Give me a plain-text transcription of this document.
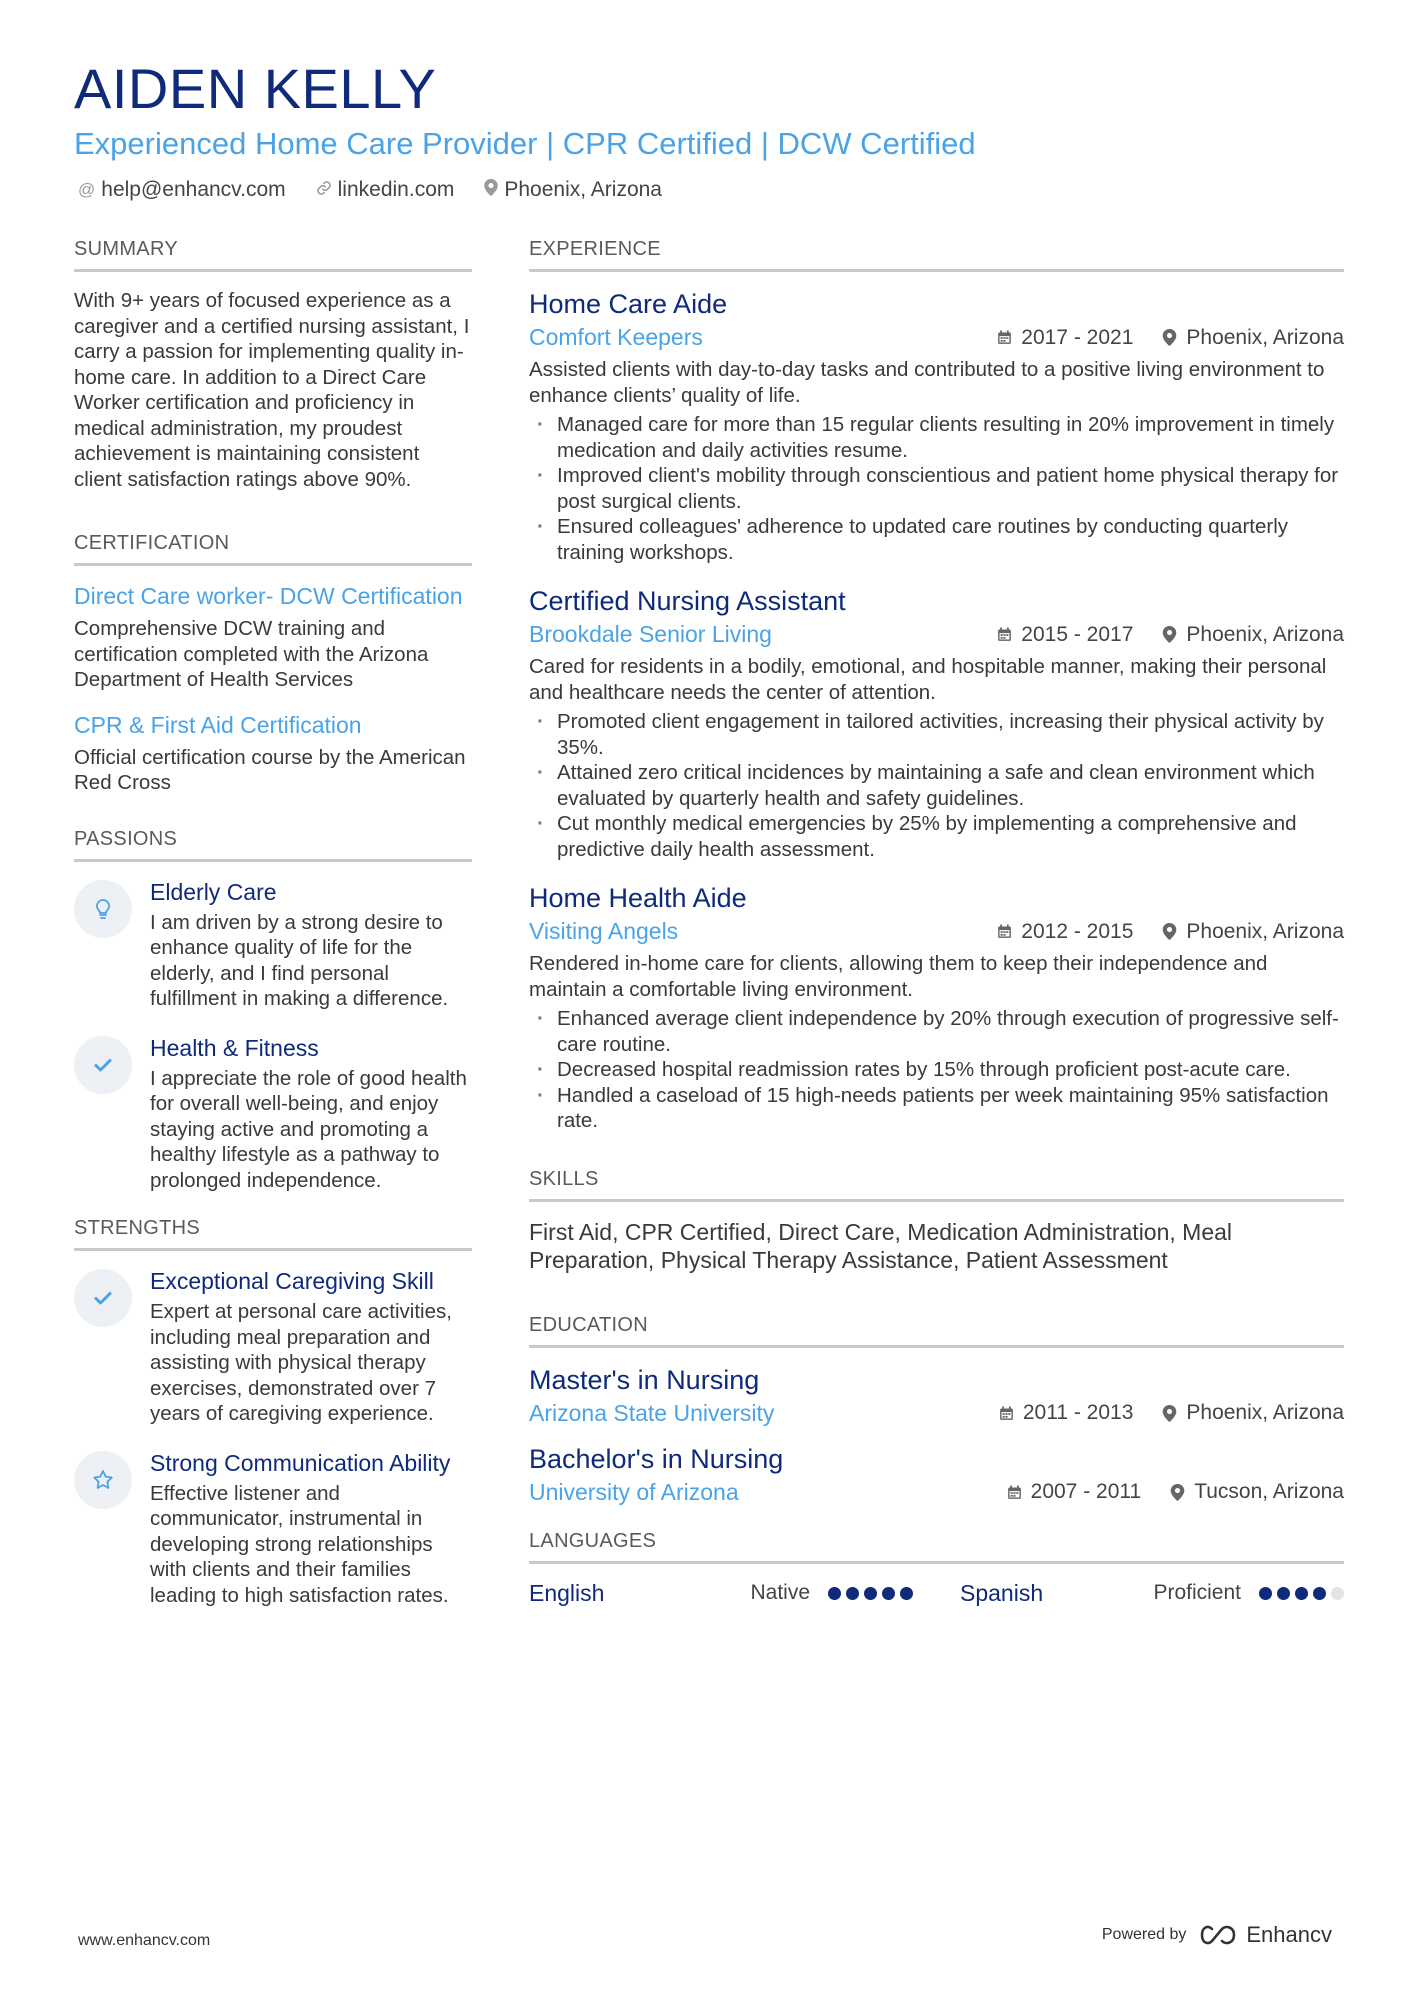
AIDEN KELLY
Experienced Home Care Provider | CPR Certified | DCW Certified
@ help@enhancv.com linkedin.com Phoenix, Arizona
SUMMARY
With 9+ years of focused experience as a caregiver and a certified nursing assistant, I carry a passion for implementing quality in-home care. In addition to a Direct Care Worker certification and proficiency in medical administration, my proudest achievement is maintaining consistent client satisfaction ratings above 90%.
CERTIFICATION
Direct Care worker- DCW Certification
Comprehensive DCW training and certification completed with the Arizona Department of Health Services
CPR & First Aid Certification
Official certification course by the American Red Cross
PASSIONS
Elderly Care
I am driven by a strong desire to enhance quality of life for the elderly, and I find personal fulfillment in making a difference.
Health & Fitness
I appreciate the role of good health for overall well-being, and enjoy staying active and promoting a healthy lifestyle as a pathway to prolonged independence.
STRENGTHS
Exceptional Caregiving Skill
Expert at personal care activities, including meal preparation and assisting with physical therapy exercises, demonstrated over 7 years of caregiving experience.
Strong Communication Ability
Effective listener and communicator, instrumental in developing strong relationships with clients and their families leading to high satisfaction rates.
EXPERIENCE
Home Care Aide
Comfort Keepers	2017 - 2021	Phoenix, Arizona
Assisted clients with day-to-day tasks and contributed to a positive living environment to enhance clients’ quality of life.
· Managed care for more than 15 regular clients resulting in 20% improvement in timely medication and daily activities resume.
· Improved client's mobility through conscientious and patient home physical therapy for post surgical clients.
· Ensured colleagues' adherence to updated care routines by conducting quarterly training workshops.
Certified Nursing Assistant
Brookdale Senior Living	2015 - 2017	Phoenix, Arizona
Cared for residents in a bodily, emotional, and hospitable manner, making their personal and healthcare needs the center of attention.
· Promoted client engagement in tailored activities, increasing their physical activity by 35%.
· Attained zero critical incidences by maintaining a safe and clean environment which evaluated by quarterly health and safety guidelines.
· Cut monthly medical emergencies by 25% by implementing a comprehensive and predictive daily health assessment.
Home Health Aide
Visiting Angels	2012 - 2015	Phoenix, Arizona
Rendered in-home care for clients, allowing them to keep their independence and maintain a comfortable living environment.
· Enhanced average client independence by 20% through execution of progressive self-care routine.
· Decreased hospital readmission rates by 15% through proficient post-acute care.
· Handled a caseload of 15 high-needs patients per week maintaining 95% satisfaction rate.
SKILLS
First Aid, CPR Certified, Direct Care, Medication Administration, Meal Preparation, Physical Therapy Assistance, Patient Assessment
EDUCATION
Master's in Nursing
Arizona State University	2011 - 2013	Phoenix, Arizona
Bachelor's in Nursing
University of Arizona	2007 - 2011	Tucson, Arizona
LANGUAGES
English	Native	Spanish	Proficient
www.enhancv.com	Powered by	Enhancv
